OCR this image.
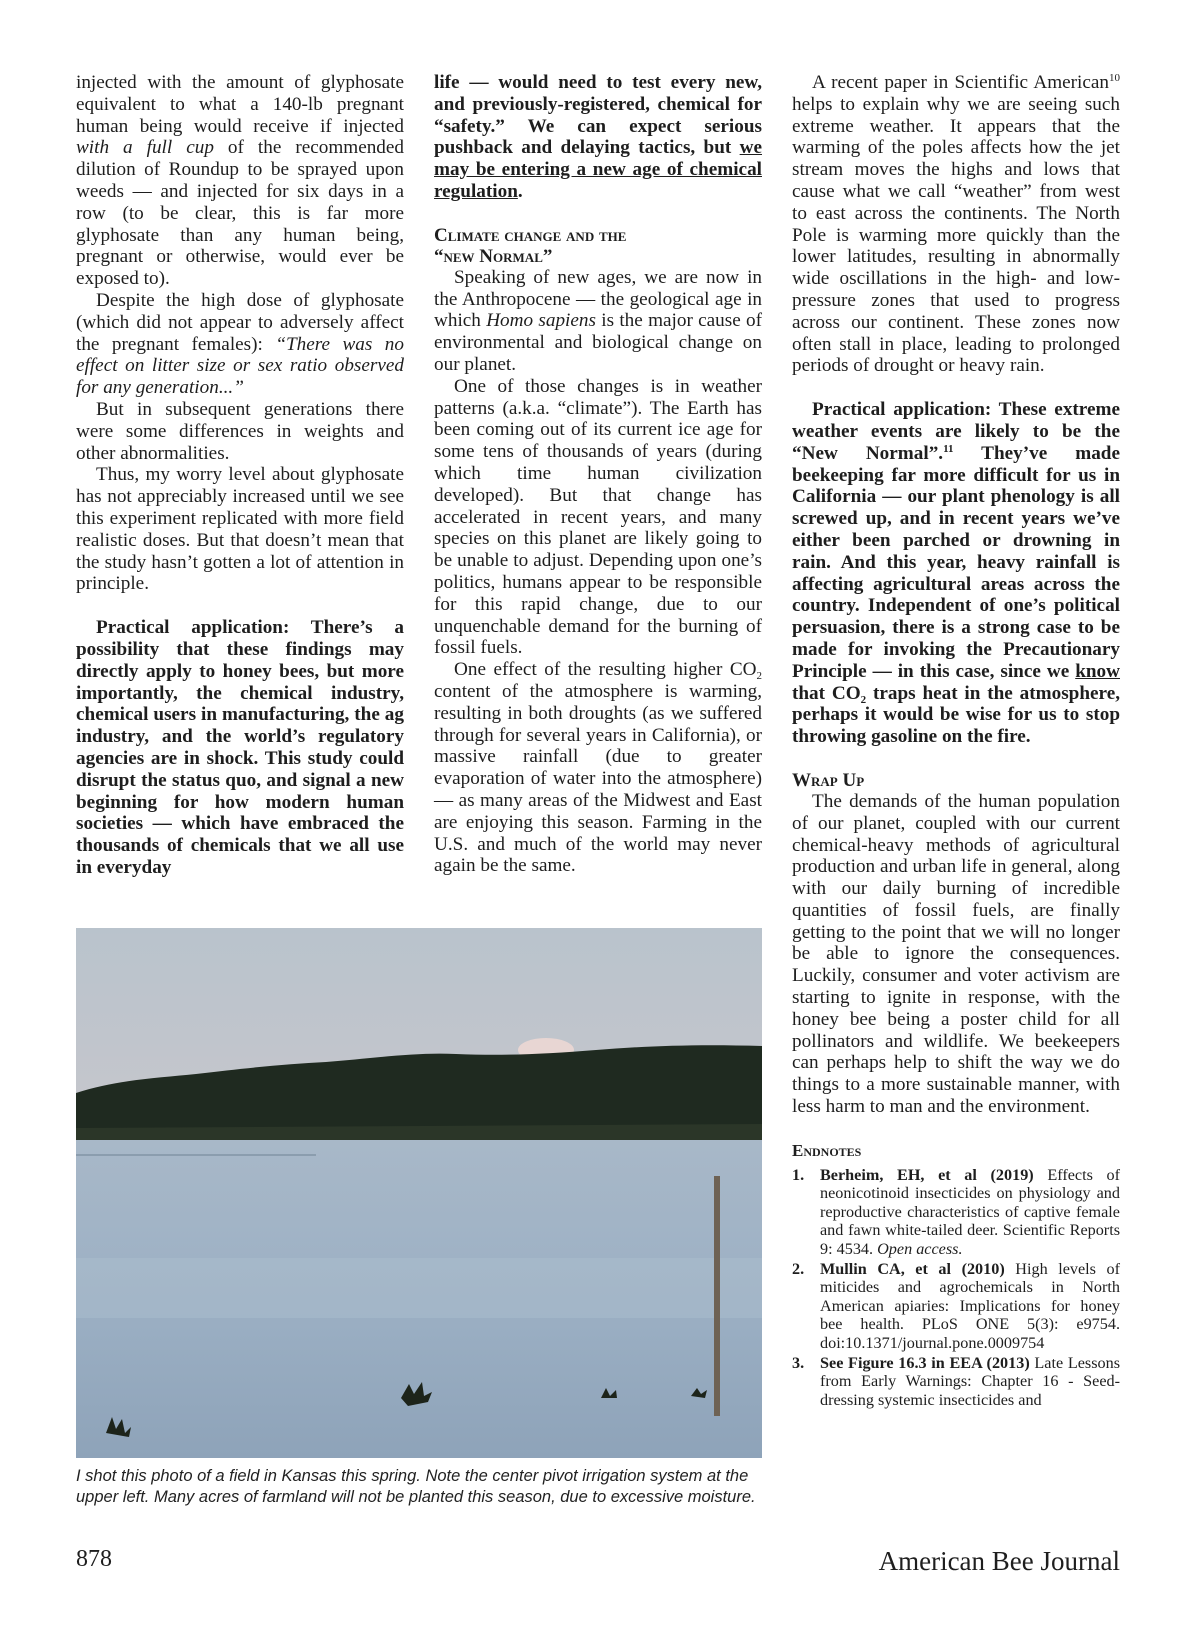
injected with the amount of glyphosate equivalent to what a 140-lb pregnant human being would receive if injected with a full cup of the recommended dilution of Roundup to be sprayed upon weeds — and injected for six days in a row (to be clear, this is far more glyphosate than any human being, pregnant or otherwise, would ever be exposed to).

Despite the high dose of glyphosate (which did not appear to adversely affect the pregnant females): “There was no effect on litter size or sex ratio observed for any generation...”

But in subsequent generations there were some differences in weights and other abnormalities.

Thus, my worry level about glyphosate has not appreciably increased until we see this experiment replicated with more field realistic doses. But that doesn’t mean that the study hasn’t gotten a lot of attention in principle.

Practical application: There’s a possibility that these findings may directly apply to honey bees, but more importantly, the chemical industry, chemical users in manufacturing, the ag industry, and the world’s regulatory agencies are in shock. This study could disrupt the status quo, and signal a new beginning for how modern human societies — which have embraced the thousands of chemicals that we all use in everyday

life — would need to test every new, and previously-registered, chemical for “safety.” We can expect serious pushback and delaying tactics, but we may be entering a new age of chemical regulation.

Climate change and the
“new Normal”

Speaking of new ages, we are now in the Anthropocene — the geological age in which Homo sapiens is the major cause of environmental and biological change on our planet.

One of those changes is in weather patterns (a.k.a. “climate”). The Earth has been coming out of its current ice age for some tens of thousands of years (during which time human civilization developed). But that change has accelerated in recent years, and many species on this planet are likely going to be unable to adjust. Depending upon one’s politics, humans appear to be responsible for this rapid change, due to our unquenchable demand for the burning of fossil fuels.

One effect of the resulting higher $CO_2$ content of the atmosphere is warming, resulting in both droughts (as we suffered through for several years in California), or massive rainfall (due to greater evaporation of water into the atmosphere) — as many areas of the Midwest and East are enjoying this season. Farming in the U.S. and much of the world may never again be the same.

A recent paper in Scientific American$^{10}$ helps to explain why we are seeing such extreme weather. It appears that the warming of the poles affects how the jet stream moves the highs and lows that cause what we call “weather” from west to east across the continents. The North Pole is warming more quickly than the lower latitudes, resulting in abnormally wide oscillations in the high- and low-pressure zones that used to progress across our continent. These zones now often stall in place, leading to prolonged periods of drought or heavy rain.

Practical application: These extreme weather events are likely to be the “New Normal”.$^{11}$ They’ve made beekeeping far more difficult for us in California — our plant phenology is all screwed up, and in recent years we’ve either been parched or drowning in rain. And this year, heavy rainfall is affecting agricultural areas across the country. Independent of one’s political persuasion, there is a strong case to be made for invoking the Precautionary Principle — in this case, since we know that $CO_2$ traps heat in the atmosphere, perhaps it would be wise for us to stop throwing gasoline on the fire.

Wrap Up

The demands of the human population of our planet, coupled with our current chemical-heavy methods of agricultural production and urban life in general, along with our daily burning of incredible quantities of fossil fuels, are finally getting to the point that we will no longer be able to ignore the consequences. Luckily, consumer and voter activism are starting to ignite in response, with the honey bee being a poster child for all pollinators and wildlife. We beekeepers can perhaps help to shift the way we do things to a more sustainable manner, with less harm to man and the environment.

Endnotes
1. Berheim, EH, et al (2019) Effects of neonicotinoid insecticides on physiology and reproductive characteristics of captive female and fawn white-tailed deer. Scientific Reports 9: 4534. Open access.
2. Mullin CA, et al (2010) High levels of miticides and agrochemicals in North American apiaries: Implications for honey bee health. PLoS ONE 5(3): e9754. doi:10.1371/journal.pone.0009754
3. See Figure 16.3 in EEA (2013) Late Lessons from Early Warnings: Chapter 16 - Seed-dressing systemic insecticides and
I shot this photo of a field in Kansas this spring. Note the center pivot irrigation system at the upper left. Many acres of farmland will not be planted this season, due to excessive moisture.
878	American Bee Journal
